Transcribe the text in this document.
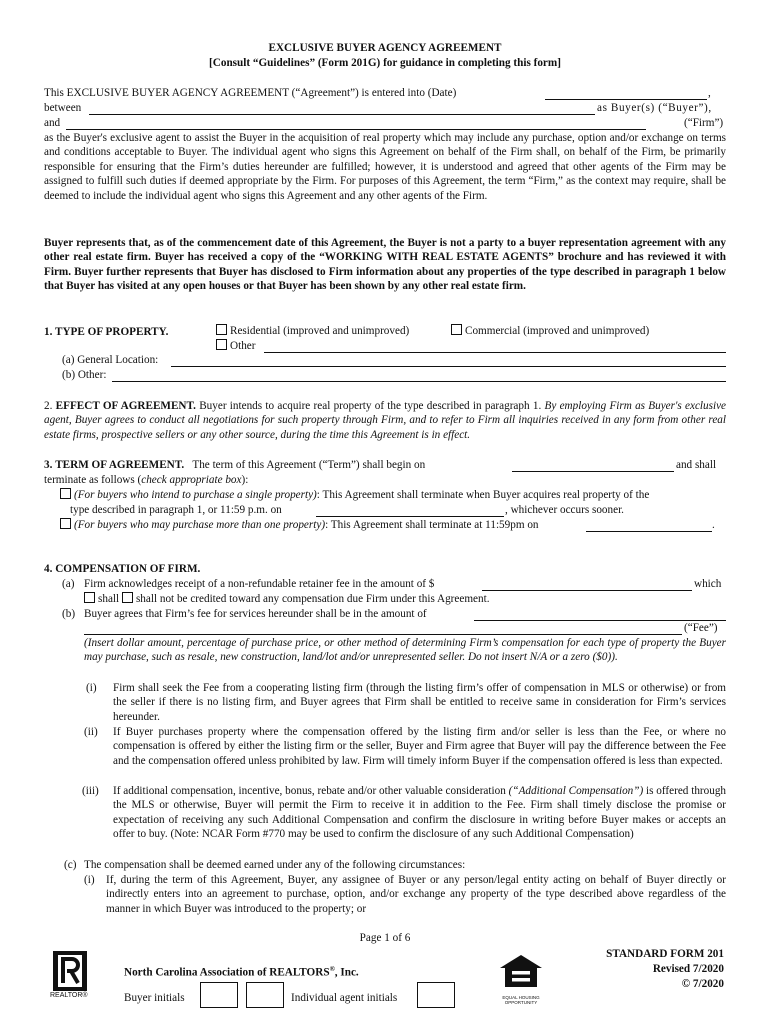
EXCLUSIVE BUYER AGENCY AGREEMENT
[Consult “Guidelines” (Form 201G) for guidance in completing this form]
This EXCLUSIVE BUYER AGENCY AGREEMENT (“Agreement”) is entered into (Date)	,
between	as Buyer(s) (“Buyer”),
and	(“Firm”)
as the Buyer's exclusive agent to assist the Buyer in the acquisition of real property which may include any purchase, option and/or exchange on terms and conditions acceptable to Buyer. The individual agent who signs this Agreement on behalf of the Firm shall, on behalf of the Firm, be primarily responsible for ensuring that the Firm’s duties hereunder are fulfilled; however, it is understood and agreed that other agents of the Firm may be assigned to fulfill such duties if deemed appropriate by the Firm. For purposes of this Agreement, the term “Firm,” as the context may require, shall be deemed to include the individual agent who signs this Agreement and any other agents of the Firm.
Buyer represents that, as of the commencement date of this Agreement, the Buyer is not a party to a buyer representation agreement with any other real estate firm. Buyer has received a copy of the “WORKING WITH REAL ESTATE AGENTS” brochure and has reviewed it with Firm. Buyer further represents that Buyer has disclosed to Firm information about any properties of the type described in paragraph 1 below that Buyer has visited at any open houses or that Buyer has been shown by any other real estate firm.
1. TYPE OF PROPERTY.	Residential (improved and unimproved)	Commercial (improved and unimproved)
Other
(a) General Location:
(b) Other:
2. EFFECT OF AGREEMENT. Buyer intends to acquire real property of the type described in paragraph 1. By employing Firm as Buyer's exclusive agent, Buyer agrees to conduct all negotiations for such property through Firm, and to refer to Firm all inquiries received in any form from other real estate firms, prospective sellers or any other source, during the time this Agreement is in effect.
3. TERM OF AGREEMENT. The term of this Agreement (“Term”) shall begin on	and shall
terminate as follows (check appropriate box):
(For buyers who intend to purchase a single property): This Agreement shall terminate when Buyer acquires real property of the
type described in paragraph 1, or 11:59 p.m. on	, whichever occurs sooner.
(For buyers who may purchase more than one property): This Agreement shall terminate at 11:59pm on	.
4. COMPENSATION OF FIRM.
(a) Firm acknowledges receipt of a non-refundable retainer fee in the amount of $	which
shall shall not be credited toward any compensation due Firm under this Agreement.
(b) Buyer agrees that Firm’s fee for services hereunder shall be in the amount of
(“Fee”)
(Insert dollar amount, percentage of purchase price, or other method of determining Firm’s compensation for each type of property the Buyer may purchase, such as resale, new construction, land/lot and/or unrepresented seller. Do not insert N/A or a zero ($0)).
(i) Firm shall seek the Fee from a cooperating listing firm (through the listing firm’s offer of compensation in MLS or otherwise) or from the seller if there is no listing firm, and Buyer agrees that Firm shall be entitled to receive same in consideration for Firm’s services hereunder.
(ii) If Buyer purchases property where the compensation offered by the listing firm and/or seller is less than the Fee, or where no compensation is offered by either the listing firm or the seller, Buyer and Firm agree that Buyer will pay the difference between the Fee and the compensation offered unless prohibited by law. Firm will timely inform Buyer if the compensation offered is less than expected.
(iii) If additional compensation, incentive, bonus, rebate and/or other valuable consideration (“Additional Compensation”) is offered through the MLS or otherwise, Buyer will permit the Firm to receive it in addition to the Fee. Firm shall timely disclose the promise or expectation of receiving any such Additional Compensation and confirm the disclosure in writing before Buyer makes or accepts an offer to buy. (Note: NCAR Form #770 may be used to confirm the disclosure of any such Additional Compensation)
(c) The compensation shall be deemed earned under any of the following circumstances:
(i) If, during the term of this Agreement, Buyer, any assignee of Buyer or any person/legal entity acting on behalf of Buyer directly or indirectly enters into an agreement to purchase, option, and/or exchange any property of the type described above regardless of the manner in which Buyer was introduced to the property; or
Page 1 of 6
REALTOR®
North Carolina Association of REALTORS®, Inc.
Buyer initials	Individual agent initials	EQUAL HOUSING OPPORTUNITY
STANDARD FORM 201
Revised 7/2020
© 7/2020
